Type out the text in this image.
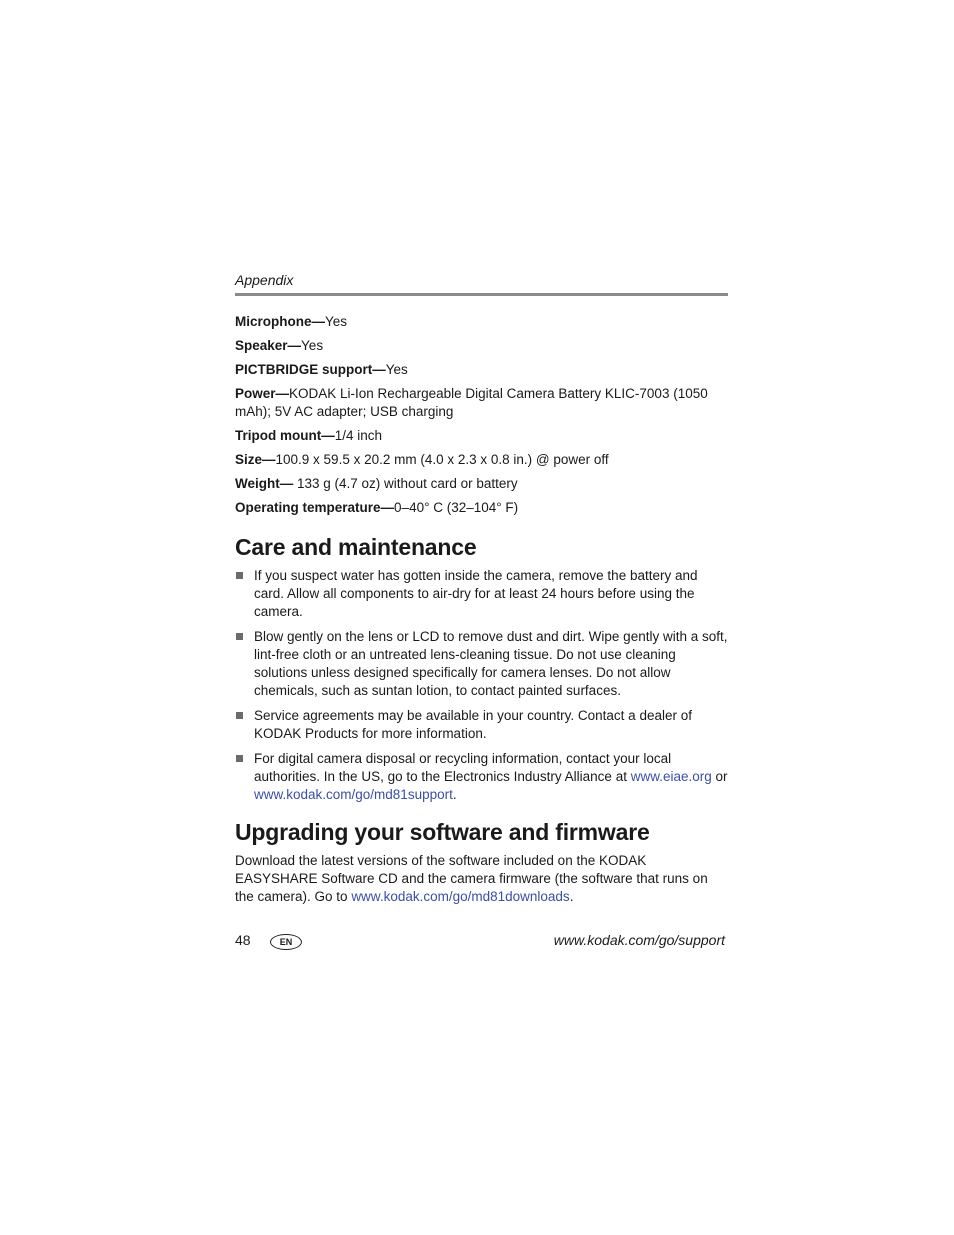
Appendix

Microphone—Yes

Speaker—Yes

PICTBRIDGE support—Yes

Power—KODAK Li-Ion Rechargeable Digital Camera Battery KLIC-7003 (1050 mAh); 5V AC adapter; USB charging

Tripod mount—1/4 inch

Size—100.9 x 59.5 x 20.2 mm (4.0 x 2.3 x 0.8 in.) @ power off

Weight— 133 g (4.7 oz) without card or battery

Operating temperature—0–40° C (32–104° F)

Care and maintenance
If you suspect water has gotten inside the camera, remove the battery and card. Allow all components to air-dry for at least 24 hours before using the camera.
Blow gently on the lens or LCD to remove dust and dirt. Wipe gently with a soft, lint-free cloth or an untreated lens-cleaning tissue. Do not use cleaning solutions unless designed specifically for camera lenses. Do not allow chemicals, such as suntan lotion, to contact painted surfaces.
Service agreements may be available in your country. Contact a dealer of KODAK Products for more information.
For digital camera disposal or recycling information, contact your local authorities. In the US, go to the Electronics Industry Alliance at www.eiae.org or www.kodak.com/go/md81support.
Upgrading your software and firmware

Download the latest versions of the software included on the KODAK EASYSHARE Software CD and the camera firmware (the software that runs on the camera). Go to www.kodak.com/go/md81downloads.

48	EN	www.kodak.com/go/support
